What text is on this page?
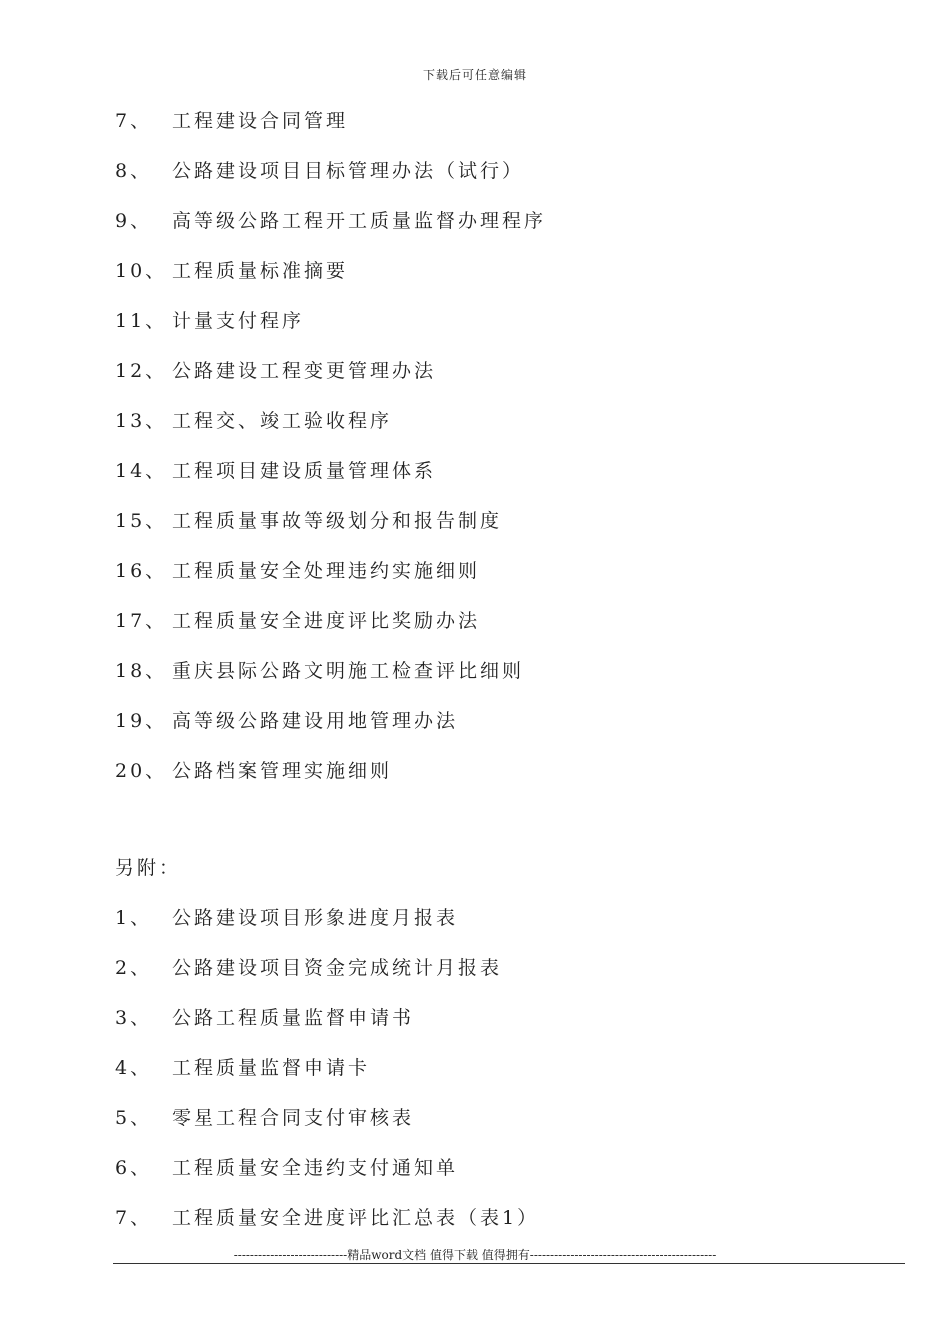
下载后可任意编辑
7、 工程建设合同管理
8、 公路建设项目目标管理办法（试行）
9、 高等级公路工程开工质量监督办理程序
10、 工程质量标准摘要
11、 计量支付程序
12、 公路建设工程变更管理办法
13、 工程交、竣工验收程序
14、 工程项目建设质量管理体系
15、 工程质量事故等级划分和报告制度
16、 工程质量安全处理违约实施细则
17、 工程质量安全进度评比奖励办法
18、 重庆县际公路文明施工检查评比细则
19、 高等级公路建设用地管理办法
20、 公路档案管理实施细则
另附：
1、 公路建设项目形象进度月报表
2、 公路建设项目资金完成统计月报表
3、 公路工程质量监督申请书
4、 工程质量监督申请卡
5、 零星工程合同支付审核表
6、 工程质量安全违约支付通知单
7、 工程质量安全进度评比汇总表（表1）
----------------------------精品word文档 值得下载 值得拥有----------------------------------------------
